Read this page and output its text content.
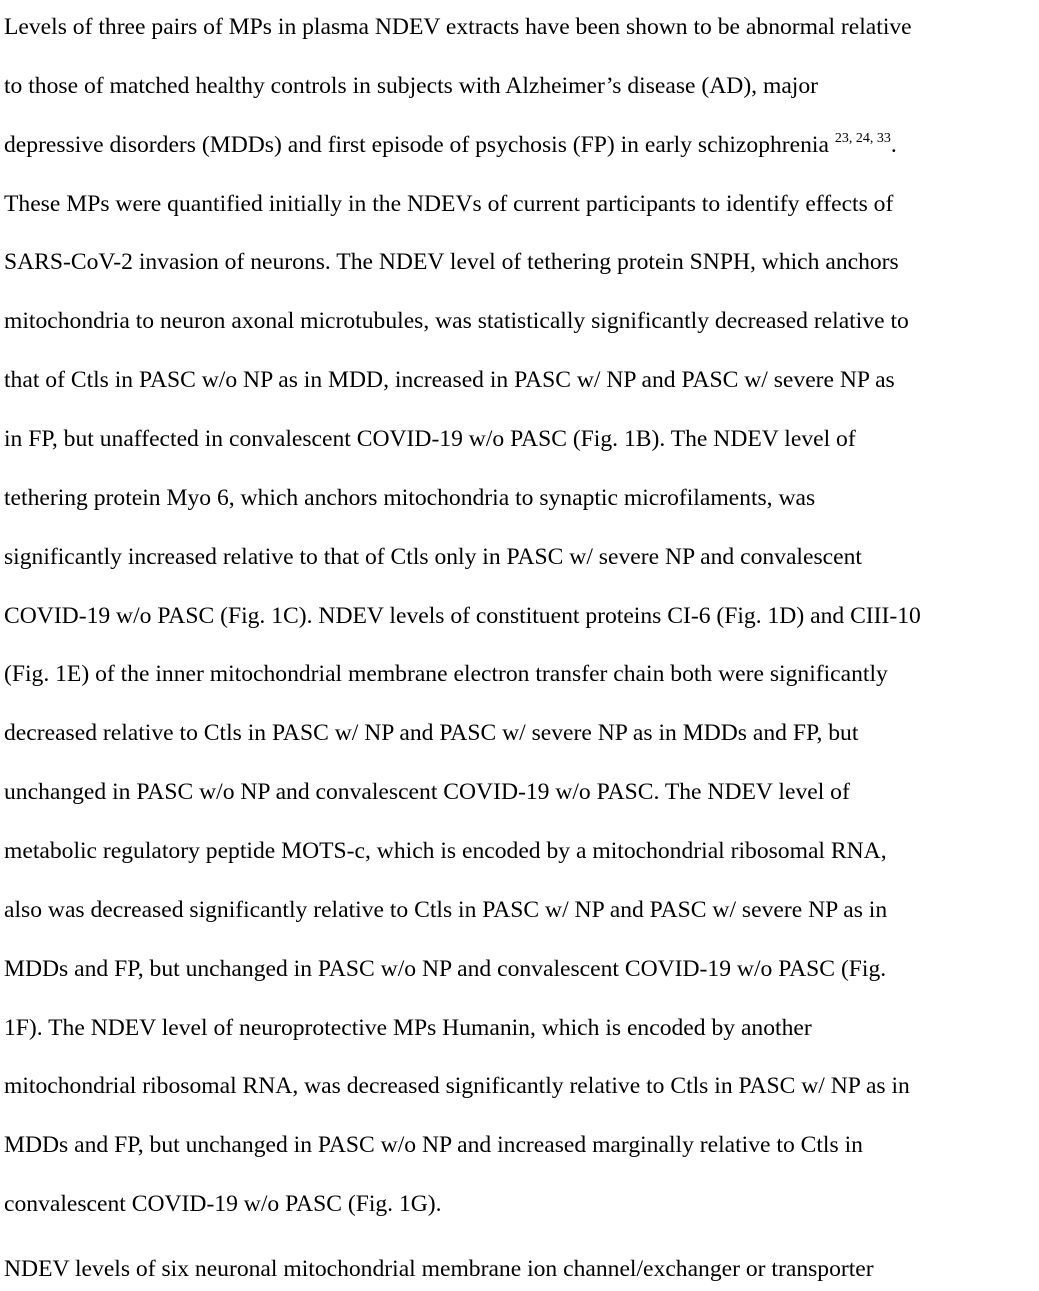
Levels of three pairs of MPs in plasma NDEV extracts have been shown to be abnormal relative
to those of matched healthy controls in subjects with Alzheimer’s disease (AD), major
depressive disorders (MDDs) and first episode of psychosis (FP) in early schizophrenia $^{23, 24, 33}$.
These MPs were quantified initially in the NDEVs of current participants to identify effects of
SARS-CoV-2 invasion of neurons. The NDEV level of tethering protein SNPH, which anchors
mitochondria to neuron axonal microtubules, was statistically significantly decreased relative to
that of Ctls in PASC w/o NP as in MDD, increased in PASC w/ NP and PASC w/ severe NP as
in FP, but unaffected in convalescent COVID-19 w/o PASC (Fig. 1B). The NDEV level of
tethering protein Myo 6, which anchors mitochondria to synaptic microfilaments, was
significantly increased relative to that of Ctls only in PASC w/ severe NP and convalescent
COVID-19 w/o PASC (Fig. 1C). NDEV levels of constituent proteins CI-6 (Fig. 1D) and CIII-10
(Fig. 1E) of the inner mitochondrial membrane electron transfer chain both were significantly
decreased relative to Ctls in PASC w/ NP and PASC w/ severe NP as in MDDs and FP, but
unchanged in PASC w/o NP and convalescent COVID-19 w/o PASC. The NDEV level of
metabolic regulatory peptide MOTS-c, which is encoded by a mitochondrial ribosomal RNA,
also was decreased significantly relative to Ctls in PASC w/ NP and PASC w/ severe NP as in
MDDs and FP, but unchanged in PASC w/o NP and convalescent COVID-19 w/o PASC (Fig.
1F). The NDEV level of neuroprotective MPs Humanin, which is encoded by another
mitochondrial ribosomal RNA, was decreased significantly relative to Ctls in PASC w/ NP as in
MDDs and FP, but unchanged in PASC w/o NP and increased marginally relative to Ctls in
convalescent COVID-19 w/o PASC (Fig. 1G).
NDEV levels of six neuronal mitochondrial membrane ion channel/exchanger or transporter
